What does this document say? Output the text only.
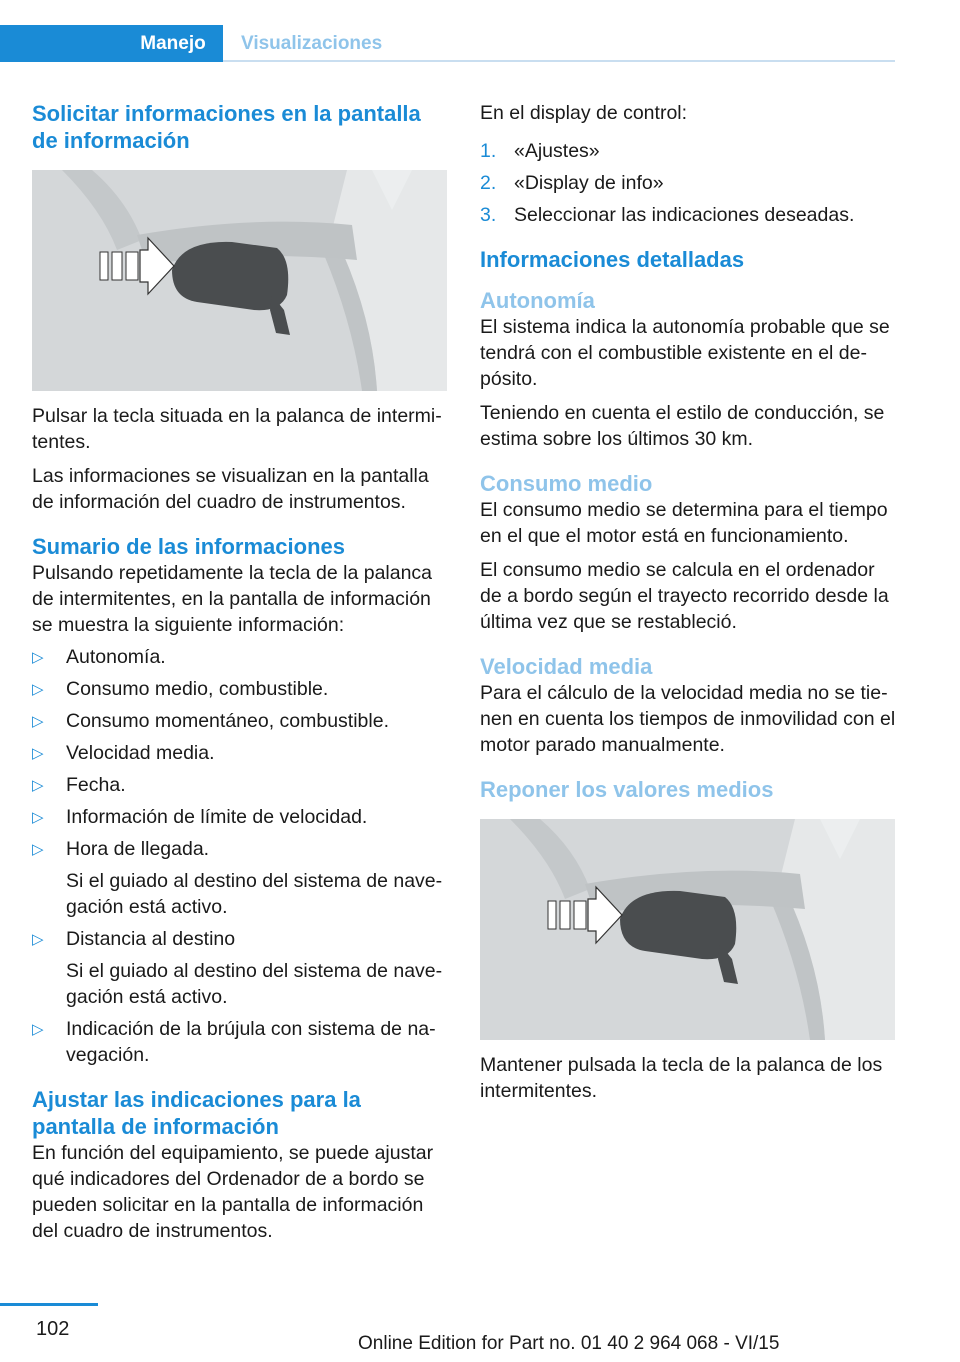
Manejo	Visualizaciones
Solicitar informaciones en la pantalla de información

Pulsar la tecla situada en la palanca de intermitentes.

Las informaciones se visualizan en la pantalla de información del cuadro de instrumentos.

Sumario de las informaciones

Pulsando repetidamente la tecla de la palanca de intermitentes, en la pantalla de información se muestra la siguiente información:

▷ Autonomía.
▷ Consumo medio, combustible.
▷ Consumo momentáneo, combustible.
▷ Velocidad media.
▷ Fecha.
▷ Información de límite de velocidad.
▷ Hora de llegada.
Si el guiado al destino del sistema de navegación está activo.
▷ Distancia al destino
Si el guiado al destino del sistema de navegación está activo.
▷ Indicación de la brújula con sistema de navegación.
Ajustar las indicaciones para la pantalla de información

En función del equipamiento, se puede ajustar qué indicadores del Ordenador de a bordo se pueden solicitar en la pantalla de información del cuadro de instrumentos.

En el display de control:

1. «Ajustes»
2. «Display de info»
3. Seleccionar las indicaciones deseadas.
Informaciones detalladas
Autonomía

El sistema indica la autonomía probable que se tendrá con el combustible existente en el depósito.

Teniendo en cuenta el estilo de conducción, se estima sobre los últimos 30 km.

Consumo medio

El consumo medio se determina para el tiempo en el que el motor está en funcionamiento.

El consumo medio se calcula en el ordenador de a bordo según el trayecto recorrido desde la última vez que se restableció.

Velocidad media

Para el cálculo de la velocidad media no se tienen en cuenta los tiempos de inmovilidad con el motor parado manualmente.

Reponer los valores medios

Mantener pulsada la tecla de la palanca de los intermitentes.

102
Online Edition for Part no. 01 40 2 964 068 - VI/15
